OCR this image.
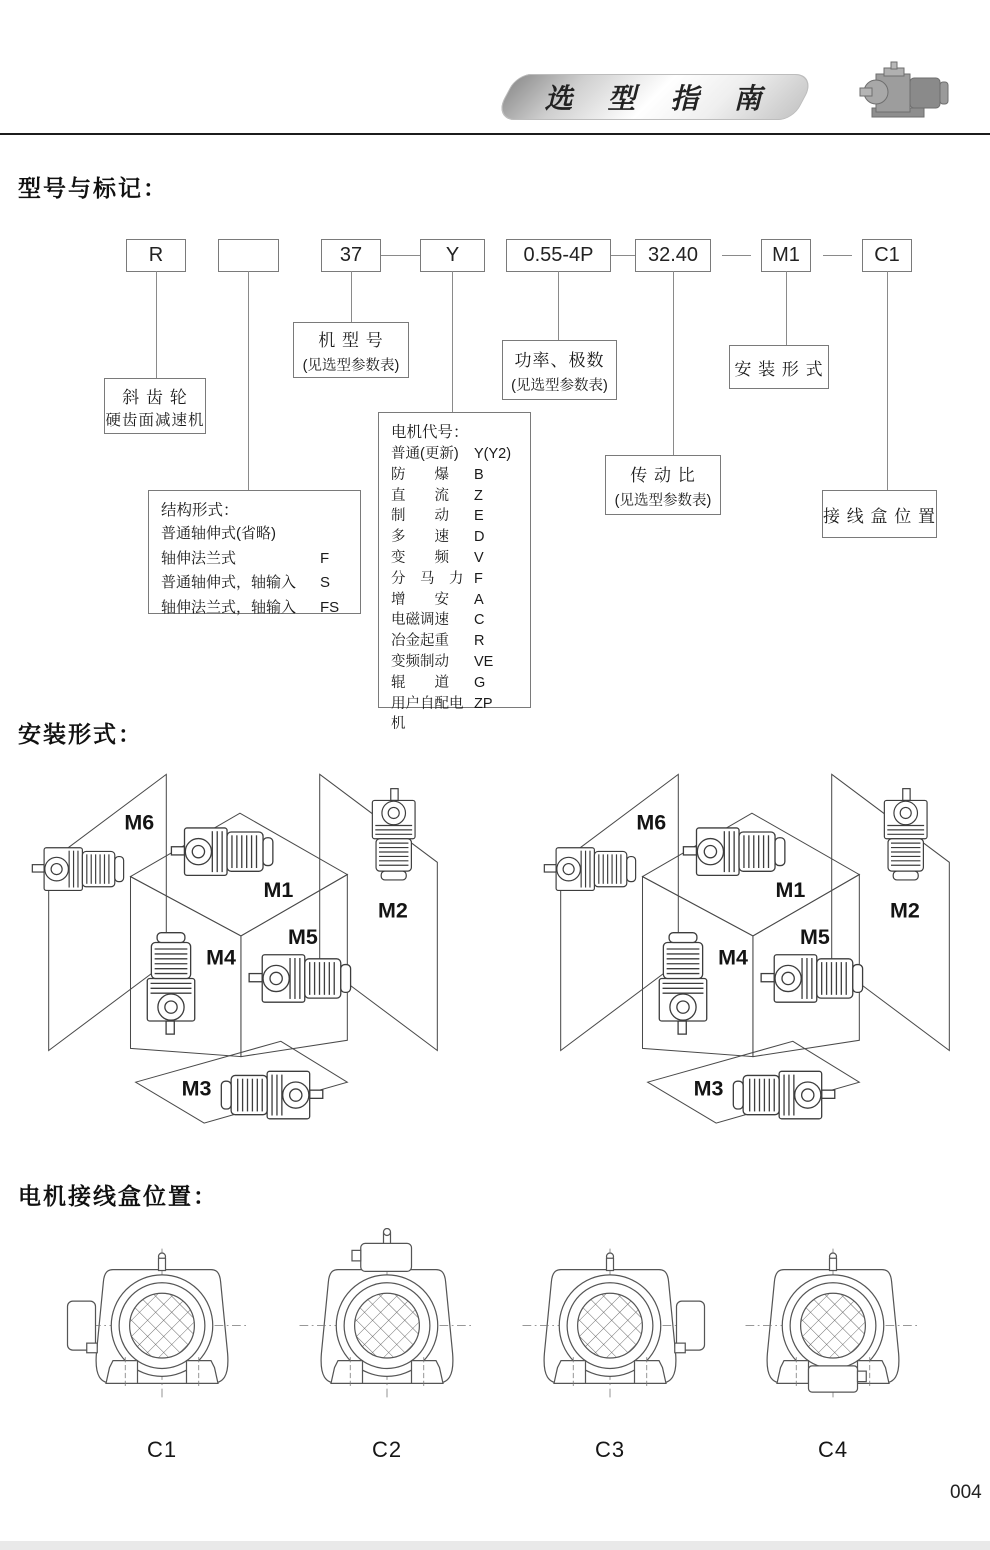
选 型 指 南
型号与标记：
R	37	Y	0.55-4P	32.40	M1	C1
斜 齿 轮
硬齿面减速机
机 型 号
(见选型参数表)	功率、极数
(见选型参数表)
安 装 形 式
传 动 比
(见选型参数表)
接 线 盒 位 置
结构形式：
普通轴伸式(省略)
轴伸法兰式	F
普通轴伸式，轴输入 S
轴伸法兰式，轴输入 FS
电机代号：
普通(更新) Y(Y2)
防　　爆 B
直　　流 Z
制　　动 E
多　　速 D
变　　频 V
分　马　力 F
增　　安 A
电磁调速 C
冶金起重 R
变频制动 VE
辊　　道 G
用户自配电机
ZP
安装形式：
M1
M2
M3
M4
M5
M6
M1
M2
M3
M4
M5
M6
电机接线盒位置：
C1	C2	C3	C4
004
